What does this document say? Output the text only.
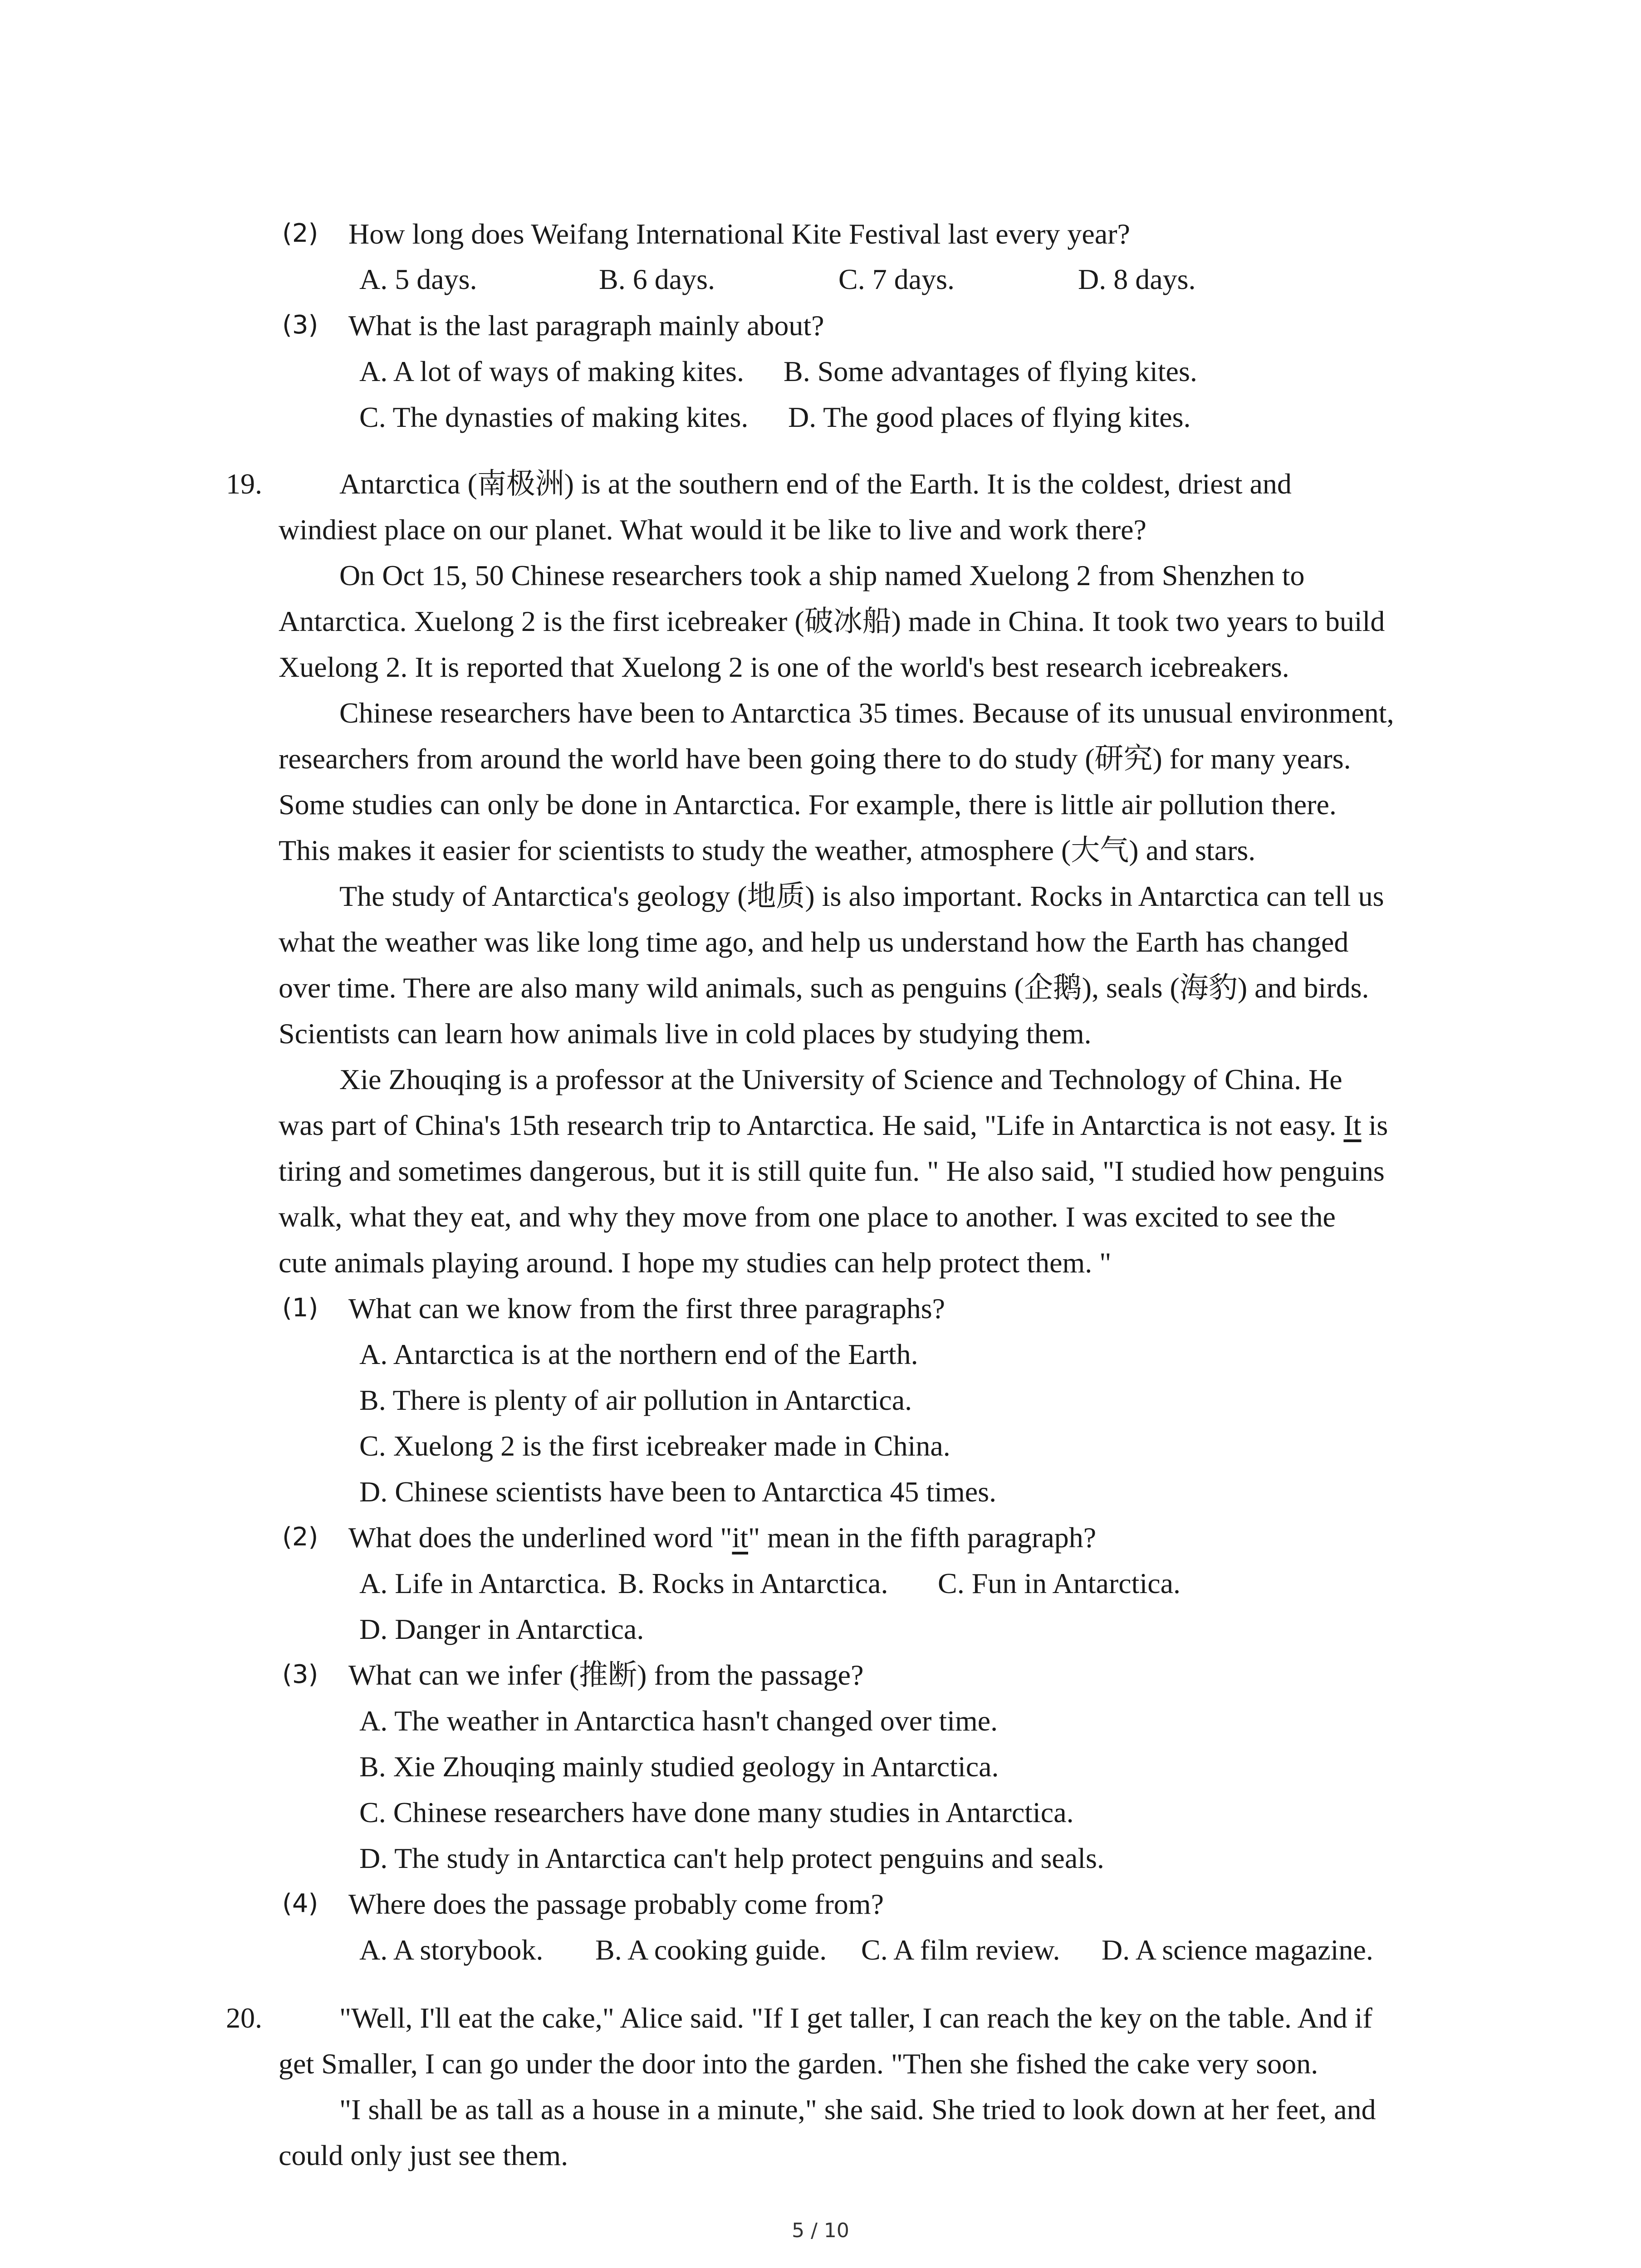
(2) How long does Weifang International Kite Festival last every year?
A. 5 days.	B. 6 days.	C. 7 days.	D. 8 days.
(3) What is the last paragraph mainly about?
A. A lot of ways of making kites. B. Some advantages of flying kites.
C. The dynasties of making kites. D. The good places of flying kites.
19.	Antarctica (南极洲) is at the southern end of the Earth. It is the coldest, driest and
windiest place on our planet. What would it be like to live and work there?
On Oct 15, 50 Chinese researchers took a ship named Xuelong 2 from Shenzhen to
Antarctica. Xuelong 2 is the first icebreaker (破冰船) made in China. It took two years to build
Xuelong 2. It is reported that Xuelong 2 is one of the world's best research icebreakers.
Chinese researchers have been to Antarctica 35 times. Because of its unusual environment,
researchers from around the world have been going there to do study (研究) for many years.
Some studies can only be done in Antarctica. For example, there is little air pollution there.
This makes it easier for scientists to study the weather, atmosphere (大气) and stars.
The study of Antarctica's geology (地质) is also important. Rocks in Antarctica can tell us
what the weather was like long time ago, and help us understand how the Earth has changed
over time. There are also many wild animals, such as penguins (企鹅), seals (海豹) and birds.
Scientists can learn how animals live in cold places by studying them.
Xie Zhouqing is a professor at the University of Science and Technology of China. He
was part of China's 15th research trip to Antarctica. He said, "Life in Antarctica is not easy. It is
tiring and sometimes dangerous, but it is still quite fun. " He also said, "I studied how penguins
walk, what they eat, and why they move from one place to another. I was excited to see the
cute animals playing around. I hope my studies can help protect them. "
(1) What can we know from the first three paragraphs?
A. Antarctica is at the northern end of the Earth.
B. There is plenty of air pollution in Antarctica.
C. Xuelong 2 is the first icebreaker made in China.
D. Chinese scientists have been to Antarctica 45 times.
(2) What does the underlined word "it" mean in the fifth paragraph?
A. Life in Antarctica. B. Rocks in Antarctica. C. Fun in Antarctica.
D. Danger in Antarctica.
(3) What can we infer (推断) from the passage?
A. The weather in Antarctica hasn't changed over time.
B. Xie Zhouqing mainly studied geology in Antarctica.
C. Chinese researchers have done many studies in Antarctica.
D. The study in Antarctica can't help protect penguins and seals.
(4) Where does the passage probably come from?
A. A storybook. B. A cooking guide. C. A film review. D. A science magazine.
20.	"Well, I'll eat the cake," Alice said. "If I get taller, I can reach the key on the table. And if
get Smaller, I can go under the door into the garden. "Then she fished the cake very soon.
"I shall be as tall as a house in a minute," she said. She tried to look down at her feet, and
could only just see them.
5 / 10
